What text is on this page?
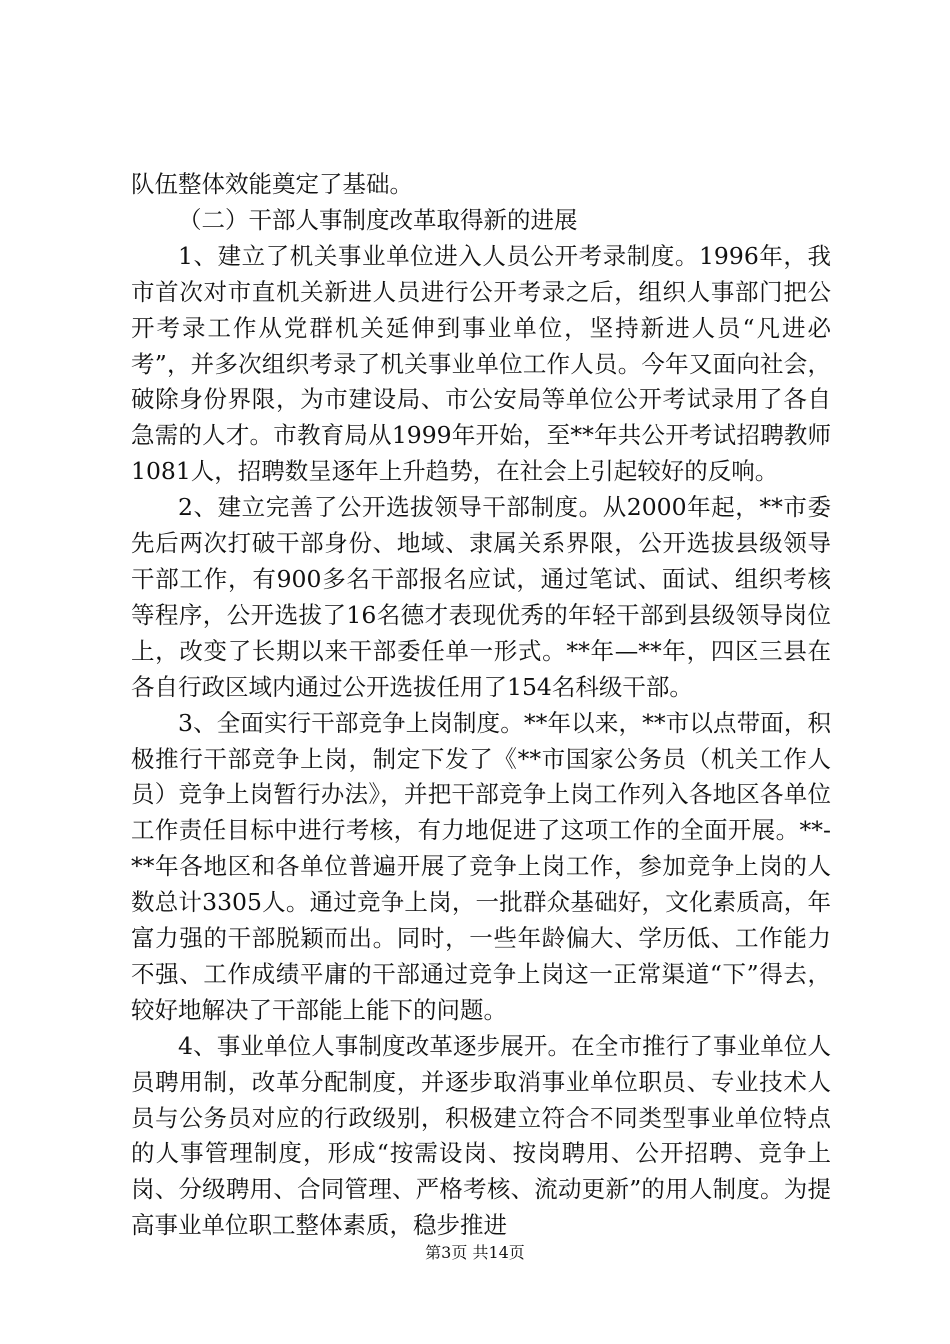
队伍整体效能奠定了基础。

（二）干部人事制度改革取得新的进展

1、建立了机关事业单位进入人员公开考录制度。1996年，我市首次对市直机关新进人员进行公开考录之后，组织人事部门把公开考录工作从党群机关延伸到事业单位，坚持新进人员“凡进必考”，并多次组织考录了机关事业单位工作人员。今年又面向社会，破除身份界限，为市建设局、市公安局等单位公开考试录用了各自急需的人才。市教育局从1999年开始，至**年共公开考试招聘教师1081人，招聘数呈逐年上升趋势，在社会上引起较好的反响。

2、建立完善了公开选拔领导干部制度。从2000年起，**市委先后两次打破干部身份、地域、隶属关系界限，公开选拔县级领导干部工作，有900多名干部报名应试，通过笔试、面试、组织考核等程序，公开选拔了16名德才表现优秀的年轻干部到县级领导岗位上，改变了长期以来干部委任单一形式。**年—**年，四区三县在各自行政区域内通过公开选拔任用了154名科级干部。

3、全面实行干部竞争上岗制度。**年以来，**市以点带面，积极推行干部竞争上岗，制定下发了《**市国家公务员（机关工作人员）竞争上岗暂行办法》，并把干部竞争上岗工作列入各地区各单位工作责任目标中进行考核，有力地促进了这项工作的全面开展。**-**年各地区和各单位普遍开展了竞争上岗工作，参加竞争上岗的人数总计3305人。通过竞争上岗，一批群众基础好，文化素质高，年富力强的干部脱颖而出。同时，一些年龄偏大、学历低、工作能力不强、工作成绩平庸的干部通过竞争上岗这一正常渠道“下”得去，较好地解决了干部能上能下的问题。

4、事业单位人事制度改革逐步展开。在全市推行了事业单位人员聘用制，改革分配制度，并逐步取消事业单位职员、专业技术人员与公务员对应的行政级别，积极建立符合不同类型事业单位特点的人事管理制度，形成“按需设岗、按岗聘用、公开招聘、竞争上岗、分级聘用、合同管理、严格考核、流动更新”的用人制度。为提高事业单位职工整体素质，稳步推进

第3页 共14页
